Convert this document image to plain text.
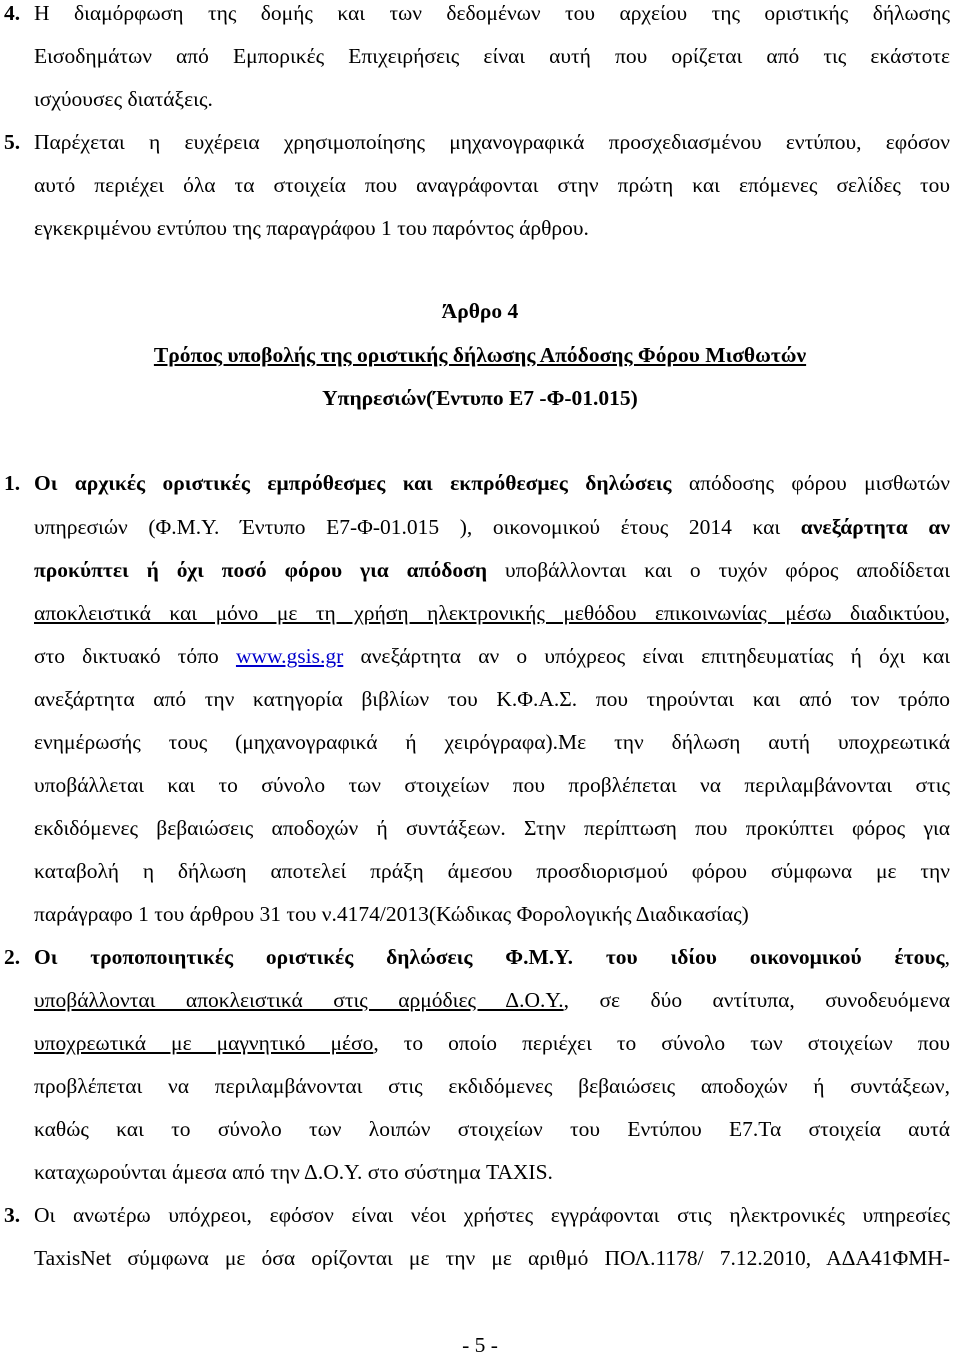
4. Η διαμόρφωση της δομής και των δεδομένων του αρχείου της οριστικής δήλωσης
Εισοδημάτων από Εμπορικές Επιχειρήσεις είναι αυτή που ορίζεται από τις εκάστοτε
ισχύουσες διατάξεις.
5. Παρέχεται η ευχέρεια χρησιμοποίησης μηχανογραφικά προσχεδιασμένου εντύπου, εφόσον
αυτό περιέχει όλα τα στοιχεία που αναγράφονται στην πρώτη και επόμενες σελίδες του
εγκεκριμένου εντύπου της παραγράφου 1 του παρόντος άρθρου.
Άρθρο 4
Τρόπος υποβολής της οριστικής δήλωσης Απόδοσης Φόρου Μισθωτών
Υπηρεσιών(Έντυπο Ε7 -Φ-01.015)
1. Οι αρχικές οριστικές εμπρόθεσμες και εκπρόθεσμες δηλώσεις απόδοσης φόρου μισθωτών
υπηρεσιών (Φ.Μ.Υ. Έντυπο Ε7-Φ-01.015 ), οικονομικού έτους 2014 και ανεξάρτητα αν
προκύπτει ή όχι ποσό φόρου για απόδοση υποβάλλονται και ο τυχόν φόρος αποδίδεται
αποκλειστικά και μόνο με τη χρήση ηλεκτρονικής μεθόδου επικοινωνίας μέσω διαδικτύου,
στο δικτυακό τόπο www.gsis.gr ανεξάρτητα αν ο υπόχρεος είναι επιτηδευματίας ή όχι και
ανεξάρτητα από την κατηγορία βιβλίων του Κ.Φ.Α.Σ. που τηρούνται και από τον τρόπο
ενημέρωσής τους (μηχανογραφικά ή χειρόγραφα).Με την δήλωση αυτή υποχρεωτικά
υποβάλλεται και το σύνολο των στοιχείων που προβλέπεται να περιλαμβάνονται στις
εκδιδόμενες βεβαιώσεις αποδοχών ή συντάξεων. Στην περίπτωση που προκύπτει φόρος για
καταβολή η δήλωση αποτελεί πράξη άμεσου προσδιορισμού φόρου σύμφωνα με την
παράγραφο 1 του άρθρου 31 του ν.4174/2013(Κώδικας Φορολογικής Διαδικασίας)
2. Οι τροποποιητικές οριστικές δηλώσεις Φ.Μ.Υ. του ιδίου οικονομικού έτους,
υποβάλλονται αποκλειστικά στις αρμόδιες Δ.Ο.Υ., σε δύο αντίτυπα, συνοδευόμενα
υποχρεωτικά με μαγνητικό μέσο, το οποίο περιέχει το σύνολο των στοιχείων που
προβλέπεται να περιλαμβάνονται στις εκδιδόμενες βεβαιώσεις αποδοχών ή συντάξεων,
καθώς και το σύνολο των λοιπών στοιχείων του Εντύπου Ε7.Τα στοιχεία αυτά
καταχωρούνται άμεσα από την Δ.Ο.Υ. στο σύστημα TAXIS.
3. Οι ανωτέρω υπόχρεοι, εφόσον είναι νέοι χρήστες εγγράφονται στις ηλεκτρονικές υπηρεσίες
TaxisNet σύμφωνα με όσα ορίζονται με την με αριθμό ΠΟΛ.1178/ 7.12.2010, ΑΔΑ41ΦΜΗ-
- 5 -
